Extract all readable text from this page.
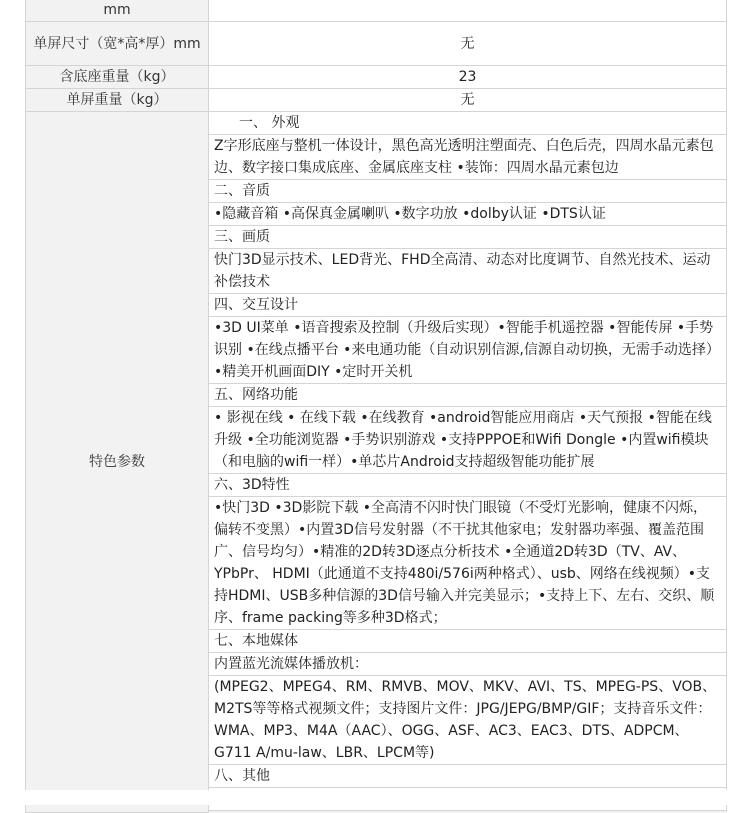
mm	
单屏尺寸（宽*高*厚）mm	无
含底座重量（kg）	23
单屏重量（kg）	无
特色参数	一、 外观
	Z字形底座与整机一体设计，黑色高光透明注塑面壳、白色后壳，四周水晶元素包边、数字接口集成底座、金属底座支柱 •装饰：四周水晶元素包边
	二、音质
	•隐藏音箱 •高保真金属喇叭 •数字功放 •dolby认证 •DTS认证
	三、画质
	快门3D显示技术、LED背光、FHD全高清、动态对比度调节、自然光技术、运动补偿技术
	四、交互设计
	•3D UI菜单 •语音搜索及控制（升级后实现）•智能手机遥控器 •智能传屏 •手势识别 •在线点播平台 •来电通功能（自动识别信源,信源自动切换，无需手动选择）•精美开机画面DIY •定时开关机
	五、网络功能
	• 影视在线 • 在线下载 •在线教育 •android智能应用商店 •天气预报 •智能在线升级 •全功能浏览器 •手势识别游戏 •支持PPPOE和Wifi Dongle •内置wifi模块（和电脑的wifi一样）•单芯片Android支持超级智能功能扩展
	六、3D特性
	•快门3D •3D影院下载 •全高清不闪时快门眼镜（不受灯光影响，健康不闪烁，偏转不变黑）•内置3D信号发射器（不干扰其他家电；发射器功率强、覆盖范围广、信号均匀）•精准的2D转3D逐点分析技术 •全通道2D转3D（TV、AV、YPbPr、 HDMI（此通道不支持480i/576i两种格式）、usb、网络在线视频）•支持HDMI、USB多种信源的3D信号输入并完美显示；•支持上下、左右、交织、顺序、frame packing等多种3D格式；
	七、本地媒体
	内置蓝光流媒体播放机：
	(MPEG2、MPEG4、RM、RMVB、MOV、MKV、AVI、TS、MPEG-PS、VOB、M2TS等等格式视频文件；支持图片文件：JPG/JEPG/BMP/GIF；支持音乐文件：WMA、MP3、M4A（AAC）、OGG、ASF、AC3、EAC3、DTS、ADPCM、G711 A/mu-law、LBR、LPCM等)
	八、其他
